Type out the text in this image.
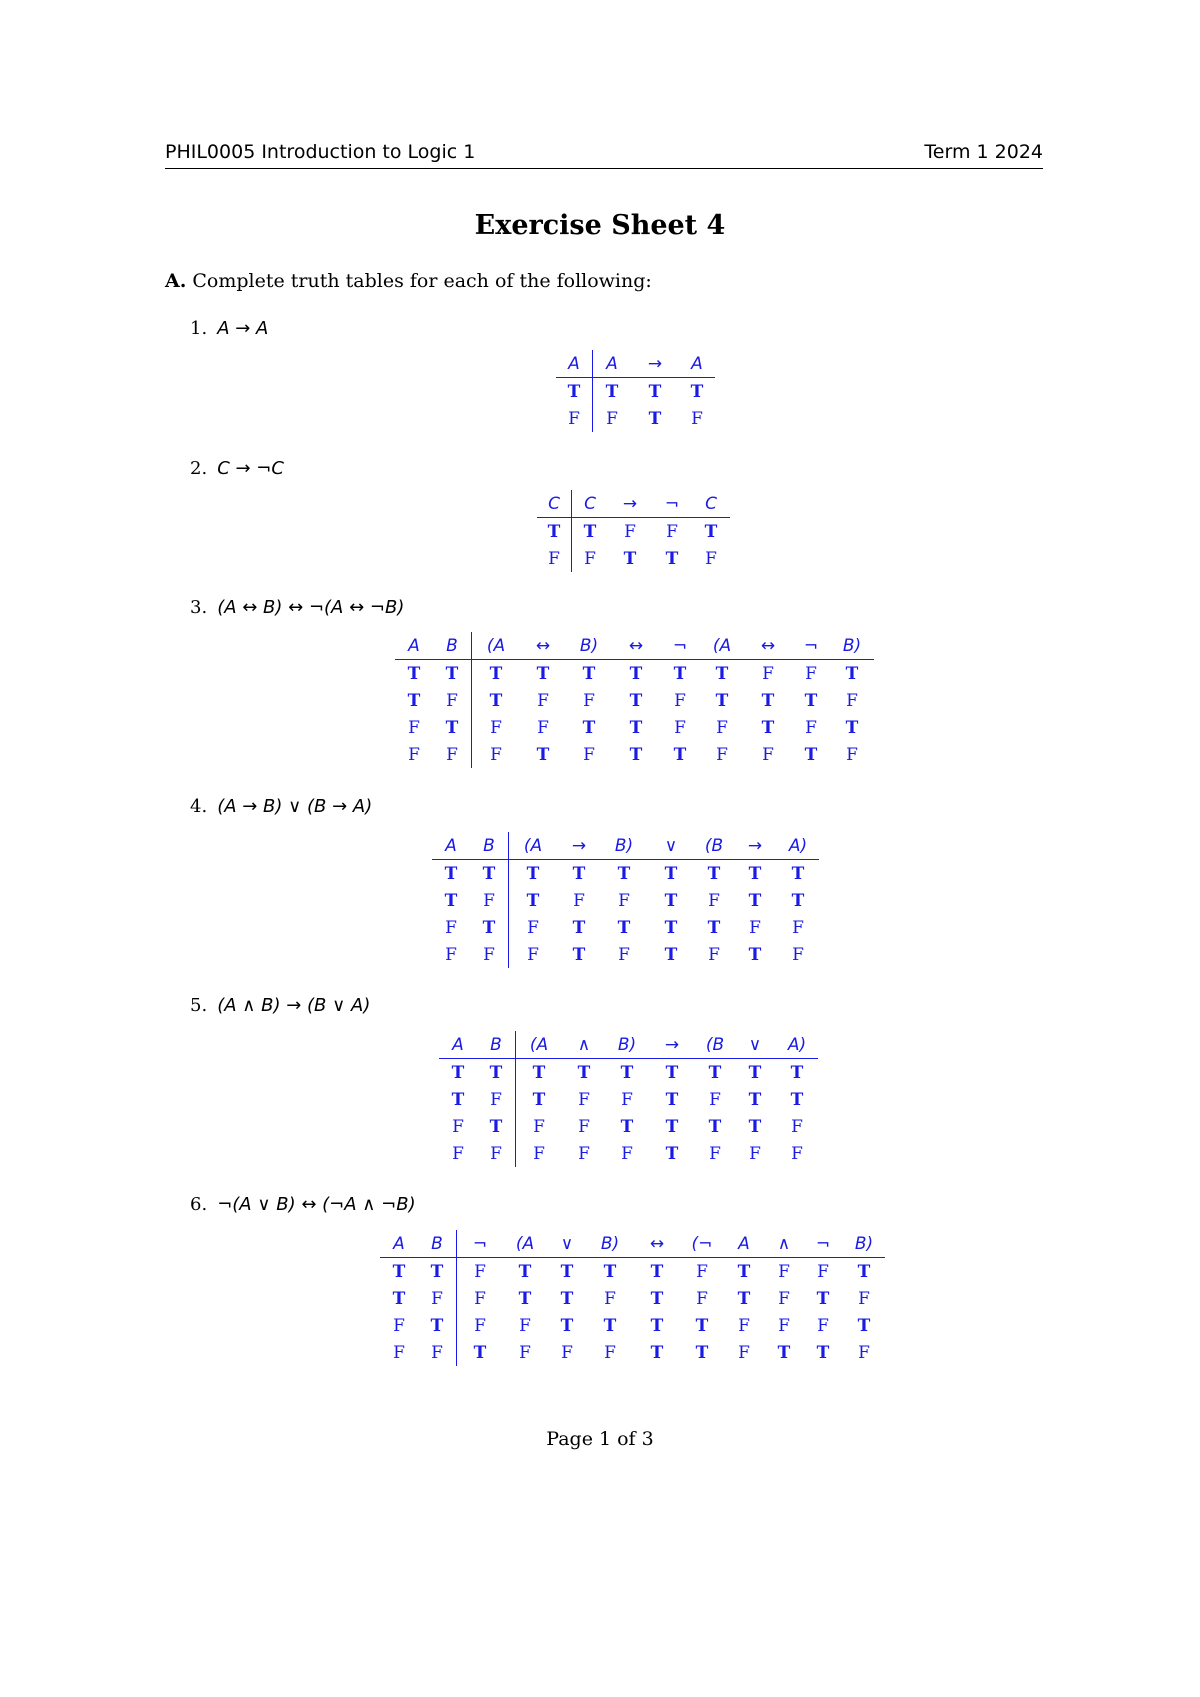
PHIL0005 Introduction to Logic 1	Term 1 2024
Exercise Sheet 4
A. Complete truth tables for each of the following:
1. A → A
A	A	→	A
T	T	T	T
F	F	T	F
2. C → ¬C
C	C	→	¬	C
T	T	F	F	T
F	F	T	T	F
3. (A ↔ B) ↔ ¬(A ↔ ¬B)
A	B	(A	↔	B)	↔	¬	(A	↔	¬	B)
T	T	T	T	T	T	T	T	F	F	T
T	F	T	F	F	T	F	T	T	T	F
F	T	F	F	T	T	F	F	T	F	T
F	F	F	T	F	T	T	F	F	T	F
4. (A → B) ∨ (B → A)
A	B	(A	→	B)	∨	(B	→	A)
T	T	T	T	T	T	T	T	T
T	F	T	F	F	T	F	T	T
F	T	F	T	T	T	T	F	F
F	F	F	T	F	T	F	T	F
5. (A ∧ B) → (B ∨ A)
A	B	(A	∧	B)	→	(B	∨	A)
T	T	T	T	T	T	T	T	T
T	F	T	F	F	T	F	T	T
F	T	F	F	T	T	T	T	F
F	F	F	F	F	T	F	F	F
6. ¬(A ∨ B) ↔ (¬A ∧ ¬B)
A	B	¬	(A	∨	B)	↔	(¬	A	∧	¬	B)
T	T	F	T	T	T	T	F	T	F	F	T
T	F	F	T	T	F	T	F	T	F	T	F
F	T	F	F	T	T	T	T	F	F	F	T
F	F	T	F	F	F	T	T	F	T	T	F
Page 1 of 3
